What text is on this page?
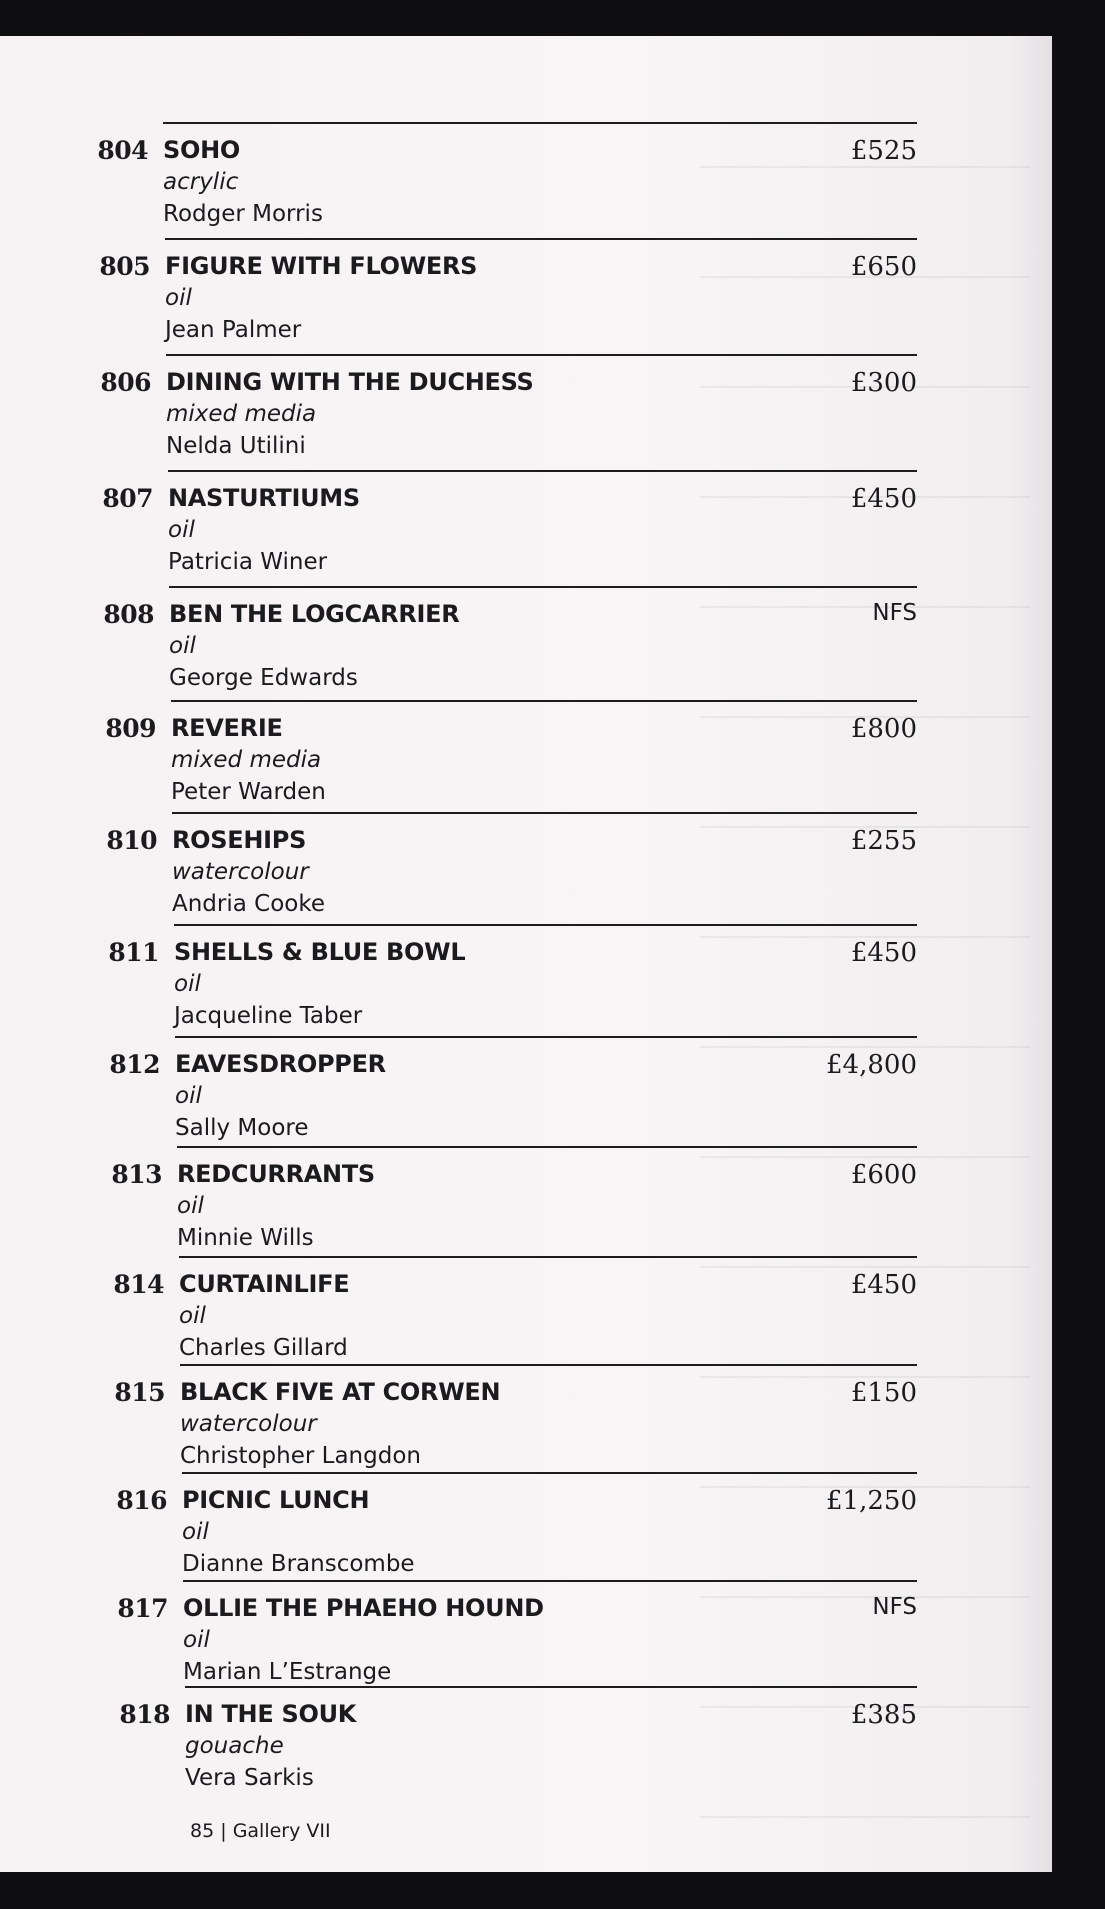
804 SOHO
acrylic
Rodger Morris
£525
805 FIGURE WITH FLOWERS
oil
Jean Palmer
£650
806 DINING WITH THE DUCHESS
mixed media
Nelda Utilini
£300
807 NASTURTIUMS
oil
Patricia Winer
£450
808 BEN THE LOGCARRIER
oil
George Edwards
NFS
809 REVERIE
mixed media
Peter Warden
£800
810 ROSEHIPS
watercolour
Andria Cooke
£255
811 SHELLS & BLUE BOWL
oil
Jacqueline Taber
£450
812 EAVESDROPPER
oil
Sally Moore
£4,800
813 REDCURRANTS
oil
Minnie Wills
£600
814 CURTAINLIFE
oil
Charles Gillard
£450
815 BLACK FIVE AT CORWEN
watercolour
Christopher Langdon
£150
816 PICNIC LUNCH
oil
Dianne Branscombe
£1,250
817 OLLIE THE PHAEHO HOUND
oil
Marian L’Estrange
NFS
818 IN THE SOUK
gouache
Vera Sarkis
£385
85 | Gallery VII
